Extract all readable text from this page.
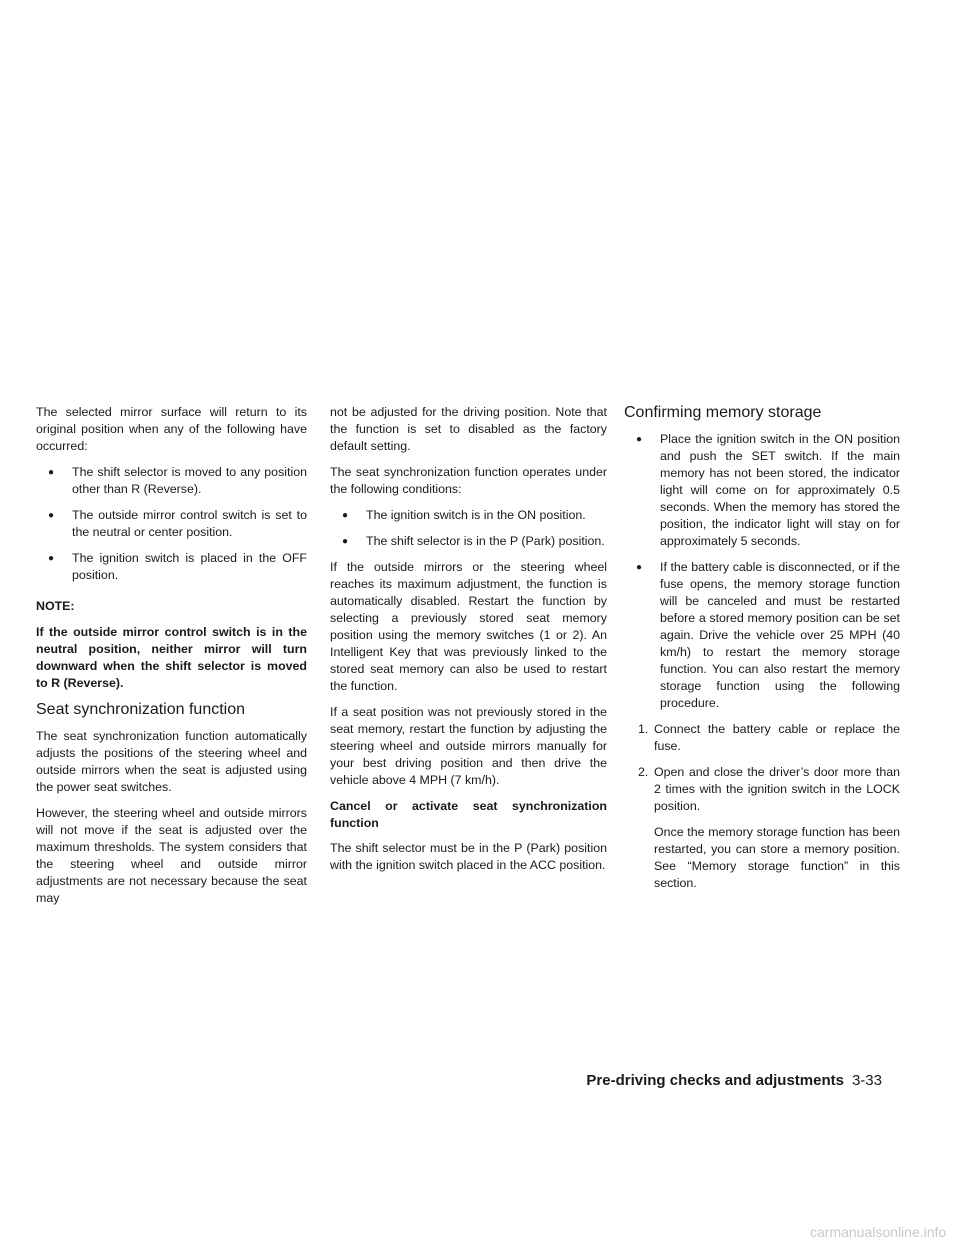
The selected mirror surface will return to its original position when any of the following have occurred:

● The shift selector is moved to any position other than R (Reverse).
● The outside mirror control switch is set to the neutral or center position.
● The ignition switch is placed in the OFF position.

NOTE:

If the outside mirror control switch is in the neutral position, neither mirror will turn downward when the shift selector is moved to R (Reverse).

Seat synchronization function

The seat synchronization function automatically adjusts the positions of the steering wheel and outside mirrors when the seat is adjusted using the power seat switches.

However, the steering wheel and outside mirrors will not move if the seat is adjusted over the maximum thresholds. The system considers that the steering wheel and outside mirror adjustments are not necessary because the seat may

not be adjusted for the driving position. Note that the function is set to disabled as the factory default setting.

The seat synchronization function operates under the following conditions:

● The ignition switch is in the ON position.
● The shift selector is in the P (Park) position.

If the outside mirrors or the steering wheel reaches its maximum adjustment, the function is automatically disabled. Restart the function by selecting a previously stored seat memory position using the memory switches (1 or 2). An Intelligent Key that was previously linked to the stored seat memory can also be used to restart the function.

If a seat position was not previously stored in the seat memory, restart the function by adjusting the steering wheel and outside mirrors manually for your best driving position and then drive the vehicle above 4 MPH (7 km/h).

Cancel or activate seat synchronization function

The shift selector must be in the P (Park) position with the ignition switch placed in the ACC position.

Confirming memory storage
● Place the ignition switch in the ON position and push the SET switch. If the main memory has not been stored, the indicator light will come on for approximately 0.5 seconds. When the memory has stored the position, the indicator light will stay on for approximately 5 seconds.
● If the battery cable is disconnected, or if the fuse opens, the memory storage function will be canceled and must be restarted before a stored memory position can be set again. Drive the vehicle over 25 MPH (40 km/h) to restart the memory storage function. You can also restart the memory storage function using the following procedure.
1. Connect the battery cable or replace the fuse.
2. Open and close the driver’s door more than 2 times with the ignition switch in the LOCK position.

Once the memory storage function has been restarted, you can store a memory position. See “Memory storage function” in this section.

Pre-driving checks and adjustments 3-33
carmanualsonline.info
